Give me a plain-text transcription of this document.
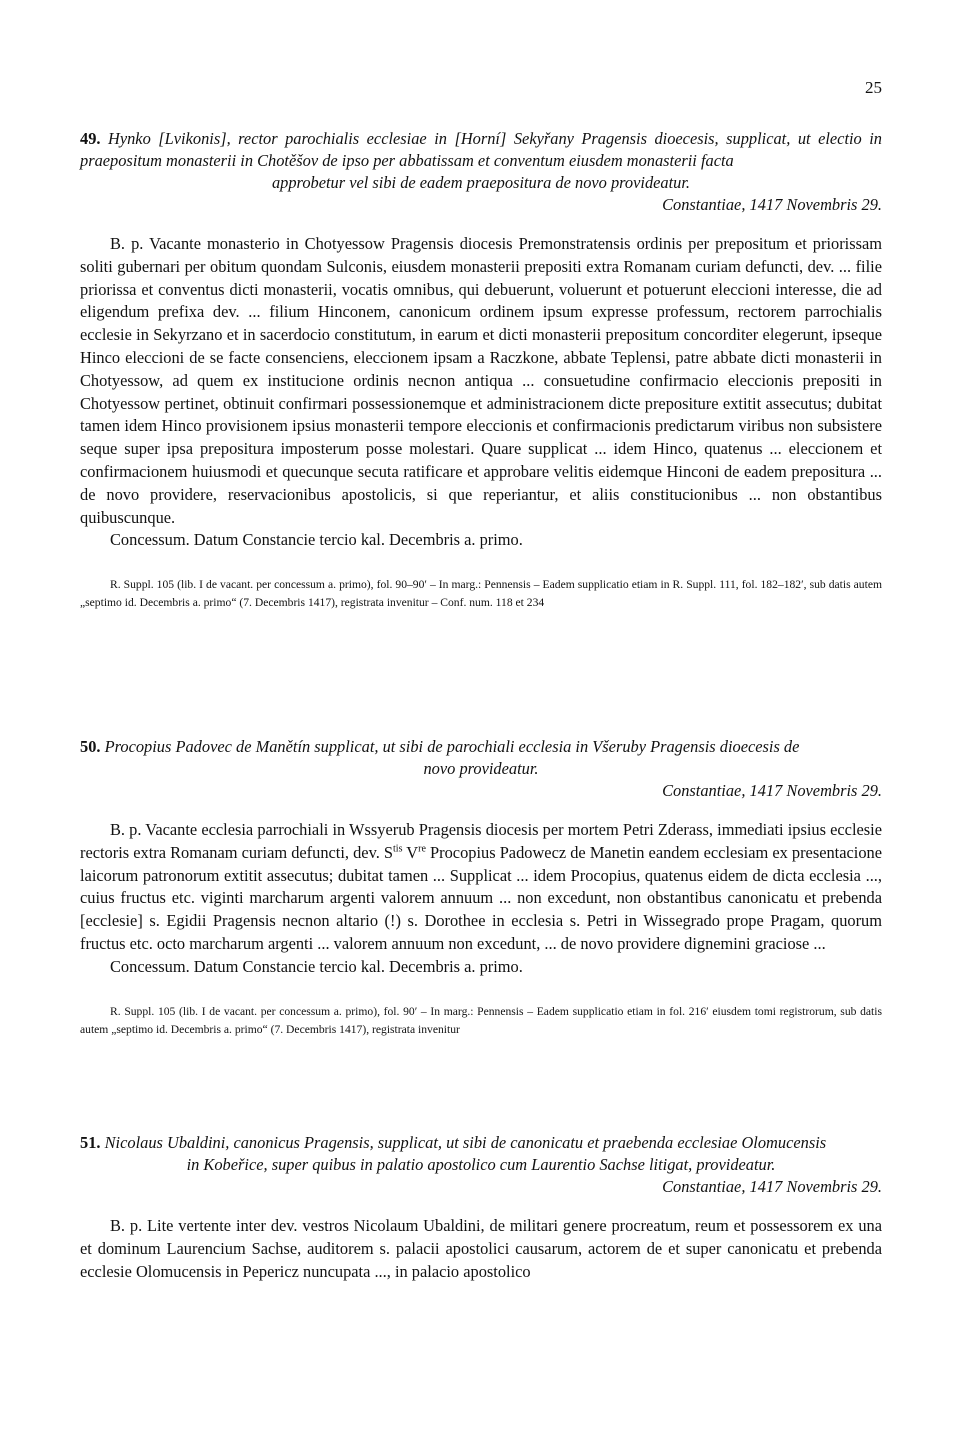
25
49. Hynko [Lvikonis], rector parochialis ecclesiae in [Horní] Sekyřany Pragensis dioecesis, supplicat, ut electio in praepositum monasterii in Chotěšov de ipso per abbatissam et conventum eiusdem monasterii facta
approbetur vel sibi de eadem praepositura de novo provideatur.
Constantiae, 1417 Novembris 29.

B. p. Vacante monasterio in Chotyessow Pragensis diocesis Premonstratensis ordinis per prepositum et priorissam soliti gubernari per obitum quondam Sulconis, eiusdem monasterii prepositi extra Romanam curiam defuncti, dev. ... filie priorissa et conventus dicti monasterii, vocatis omnibus, qui debuerunt, voluerunt et potuerunt eleccioni interesse, die ad eligendum prefixa dev. ... filium Hinconem, canonicum ordinem ipsum expresse professum, rectorem parrochialis ecclesie in Sekyrzano et in sacerdocio constitutum, in earum et dicti monasterii prepositum concorditer elegerunt, ipseque Hinco eleccioni de se facte consenciens, eleccionem ipsam a Raczkone, abbate Teplensi, patre abbate dicti monasterii in Chotyessow, ad quem ex institucione ordinis necnon antiqua ... consuetudine confirmacio eleccionis prepositi in Chotyessow pertinet, obtinuit confirmari possessionemque et administracionem dicte prepositure extitit assecutus; dubitat tamen idem Hinco provisionem ipsius monasterii tempore eleccionis et confirmacionis predictarum viribus non subsistere seque super ipsa prepositura imposterum posse molestari. Quare supplicat ... idem Hinco, quatenus ... eleccionem et confirmacionem huiusmodi et quecunque secuta ratificare et approbare velitis eidemque Hinconi de eadem prepositura ... de novo providere, reservacionibus apostolicis, si que reperiantur, et aliis constitucionibus ... non obstantibus quibuscunque.

Concessum. Datum Constancie tercio kal. Decembris a. primo.

R. Suppl. 105 (lib. I de vacant. per concessum a. primo), fol. 90–90′ – In marg.: Pennensis – Eadem supplicatio etiam in R. Suppl. 111, fol. 182–182′, sub datis autem „septimo id. Decembris a. primo“ (7. Decembris 1417), registrata invenitur – Conf. num. 118 et 234

50. Procopius Padovec de Manětín supplicat, ut sibi de parochiali ecclesia in Všeruby Pragensis dioecesis de
novo provideatur.
Constantiae, 1417 Novembris 29.

B. p. Vacante ecclesia parrochiali in Wssyerub Pragensis diocesis per mortem Petri Zderass, immediati ipsius ecclesie rectoris extra Romanam curiam defuncti, dev. $S^{tis}$ Vre Procopius Padowecz de Manetin eandem ecclesiam ex presentacione laicorum patronorum extitit assecutus; dubitat tamen ... Supplicat ... idem Procopius, quatenus eidem de dicta ecclesia ..., cuius fructus etc. viginti marcharum argenti valorem annuum ... non excedunt, non obstantibus canonicatu et prebenda [ecclesie] s. Egidii Pragensis necnon altario (!) s. Dorothee in ecclesia s. Petri in Wissegrado prope Pragam, quorum fructus etc. octo marcharum argenti ... valorem annuum non excedunt, ... de novo providere dignemini graciose ...

Concessum. Datum Constancie tercio kal. Decembris a. primo.

R. Suppl. 105 (lib. I de vacant. per concessum a. primo), fol. 90′ – In marg.: Pennensis – Eadem supplicatio etiam in fol. 216′ eiusdem tomi registrorum, sub datis autem „septimo id. Decembris a. primo“ (7. Decembris 1417), registrata invenitur

51. Nicolaus Ubaldini, canonicus Pragensis, supplicat, ut sibi de canonicatu et praebenda ecclesiae Olomucensis
in Kobeřice, super quibus in palatio apostolico cum Laurentio Sachse litigat, provideatur.
Constantiae, 1417 Novembris 29.

B. p. Lite vertente inter dev. vestros Nicolaum Ubaldini, de militari genere procreatum, reum et possessorem ex una et dominum Laurencium Sachse, auditorem s. palacii apostolici causarum, actorem de et super canonicatu et prebenda ecclesie Olomucensis in Pepericz nuncupata ..., in palacio apostolico
